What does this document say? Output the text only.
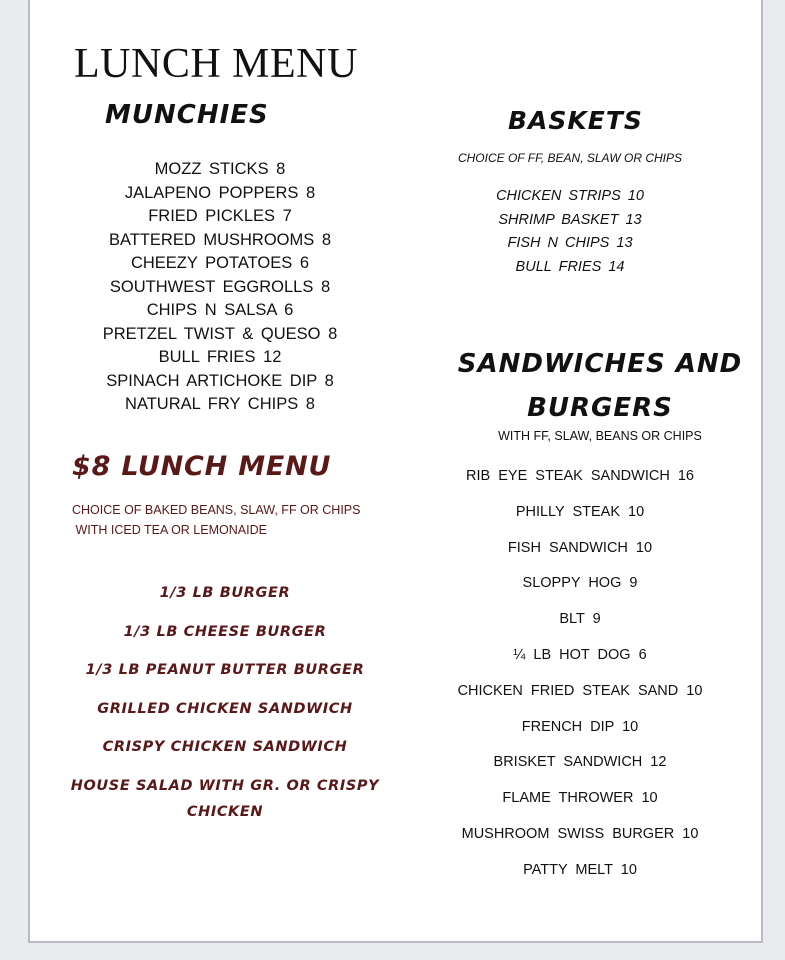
LUNCH MENU
MUNCHIES
MOZZ STICKS 8
JALAPENO POPPERS 8
FRIED PICKLES 7
BATTERED MUSHROOMS 8
CHEEZY POTATOES 6
SOUTHWEST EGGROLLS 8
CHIPS N SALSA 6
PRETZEL TWIST & QUESO 8
BULL FRIES 12
SPINACH ARTICHOKE DIP 8
NATURAL FRY CHIPS 8
$8 LUNCH MENU
CHOICE OF BAKED BEANS, SLAW, FF OR CHIPS
WITH ICED TEA OR LEMONAIDE
1/3 LB BURGER
1/3 LB CHEESE BURGER
1/3 LB PEANUT BUTTER BURGER
GRILLED CHICKEN SANDWICH
CRISPY CHICKEN SANDWICH
HOUSE SALAD WITH GR. OR CRISPY CHICKEN
BASKETS
CHOICE OF FF, BEAN, SLAW OR CHIPS
CHICKEN STRIPS 10
SHRIMP BASKET 13
FISH N CHIPS 13
BULL FRIES 14
SANDWICHES AND BURGERS
WITH FF, SLAW, BEANS OR CHIPS
RIB EYE STEAK SANDWICH 16
PHILLY STEAK 10
FISH SANDWICH 10
SLOPPY HOG 9
BLT 9
¼ LB HOT DOG 6
CHICKEN FRIED STEAK SAND 10
FRENCH DIP 10
BRISKET SANDWICH 12
FLAME THROWER 10
MUSHROOM SWISS BURGER 10
PATTY MELT 10
